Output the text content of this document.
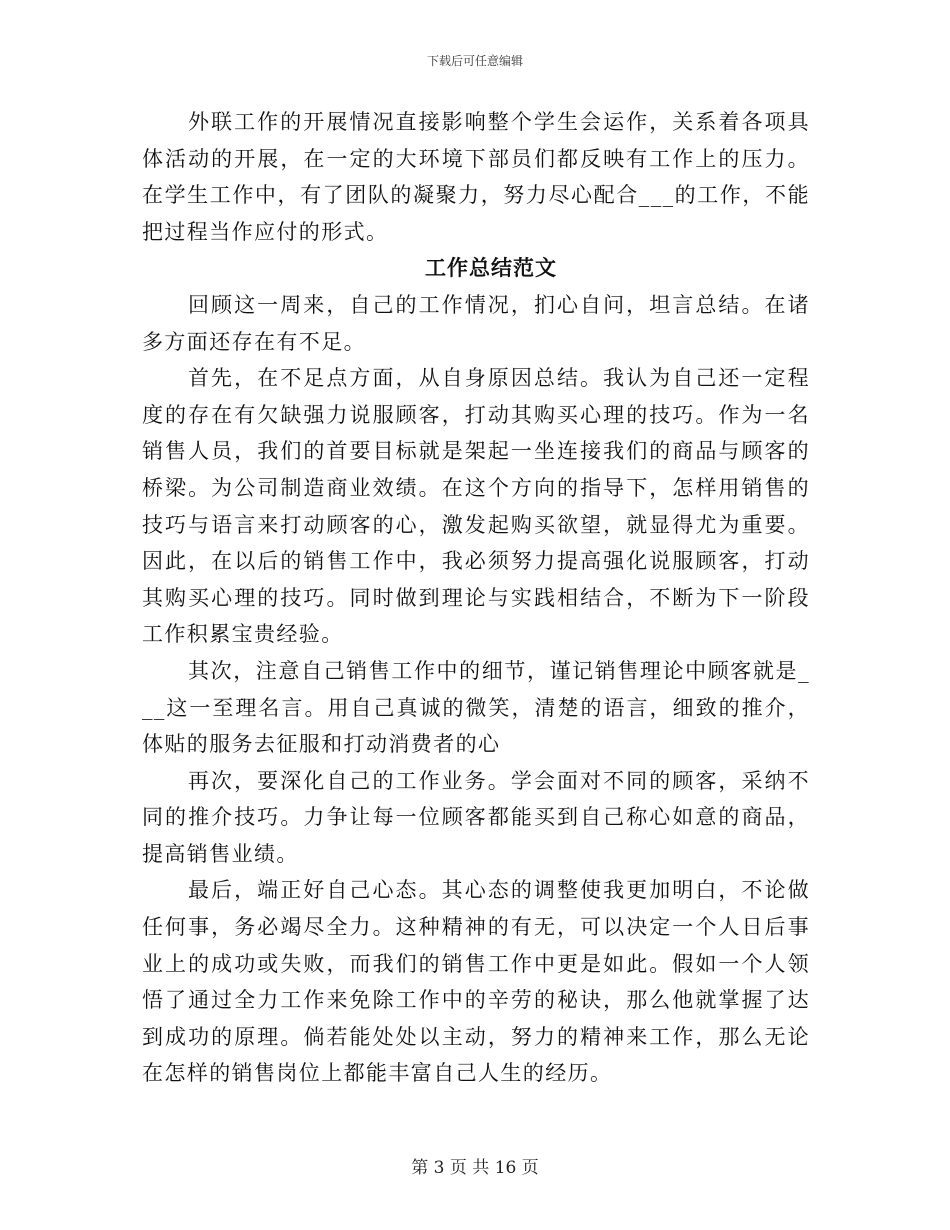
下载后可任意编辑

外联工作的开展情况直接影响整个学生会运作，关系着各项具体活动的开展，在一定的大环境下部员们都反映有工作上的压力。在学生工作中，有了团队的凝聚力，努力尽心配合___的工作，不能把过程当作应付的形式。

工作总结范文

回顾这一周来，自己的工作情况，扪心自问，坦言总结。在诸多方面还存在有不足。

首先，在不足点方面，从自身原因总结。我认为自己还一定程度的存在有欠缺强力说服顾客，打动其购买心理的技巧。作为一名销售人员，我们的首要目标就是架起一坐连接我们的商品与顾客的桥梁。为公司制造商业效绩。在这个方向的指导下，怎样用销售的技巧与语言来打动顾客的心，激发起购买欲望，就显得尤为重要。因此，在以后的销售工作中，我必须努力提高强化说服顾客，打动其购买心理的技巧。同时做到理论与实践相结合，不断为下一阶段工作积累宝贵经验。

其次，注意自己销售工作中的细节，谨记销售理论中顾客就是___这一至理名言。用自己真诚的微笑，清楚的语言，细致的推介，体贴的服务去征服和打动消费者的心

再次，要深化自己的工作业务。学会面对不同的顾客，采纳不同的推介技巧。力争让每一位顾客都能买到自己称心如意的商品，提高销售业绩。

最后，端正好自己心态。其心态的调整使我更加明白，不论做任何事，务必竭尽全力。这种精神的有无，可以决定一个人日后事业上的成功或失败，而我们的销售工作中更是如此。假如一个人领悟了通过全力工作来免除工作中的辛劳的秘诀，那么他就掌握了达到成功的原理。倘若能处处以主动，努力的精神来工作，那么无论在怎样的销售岗位上都能丰富自己人生的经历。

第 3 页 共 16 页
